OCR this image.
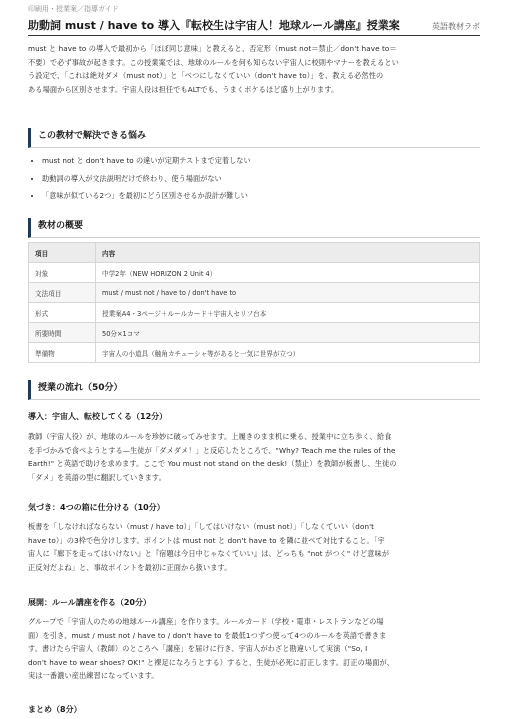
印刷用・授業案／指導ガイド
助動詞 must / have to 導入『転校生は宇宙人！地球ルール講座』授業案	英語教材ラボ
must と have to の導入で最初から「ほぼ同じ意味」と教えると、否定形（must not＝禁止／don't have to＝
不要）で必ず事故が起きます。この授業案では、地球のルールを何も知らない宇宙人に校則やマナーを教えるとい
う設定で、「これは絶対ダメ（must not）」と「べつにしなくていい（don't have to）」を、教える必然性の
ある場面から区別させます。宇宙人役は担任でもALTでも、うまくボケるほど盛り上がります。
この教材で解決できる悩み
• must not と don't have to の違いが定期テストまで定着しない
• 助動詞の導入が文法説明だけで終わり、使う場面がない
• 「意味が似ている2つ」を最初にどう区別させるか設計が難しい
教材の概要
項目	内容
対象	中学2年（NEW HORIZON 2 Unit 4）
文法項目	must / must not / have to / don't have to
形式	授業案A4・3ページ＋ルールカード＋宇宙人セリフ台本
所要時間	50分×1コマ
準備物	宇宙人の小道具（触角カチューシャ等があると一気に世界が立つ）
授業の流れ（50分）
導入：宇宙人、転校してくる（12分）
教師（宇宙人役）が、地球のルールを珍妙に破ってみせます。上履きのまま机に乗る、授業中に立ち歩く、給食
を手づかみで食べようとする—生徒が「ダメダメ！」と反応したところで、"Why? Teach me the rules of the
Earth!" と英語で助けを求めます。ここで You must not stand on the desk!（禁止）を教師が板書し、生徒の
「ダメ」を英語の型に翻訳していきます。
気づき：4つの箱に仕分ける（10分）
板書を「しなければならない（must / have to）」「してはいけない（must not）」「しなくていい（don't
have to）」の3枠で色分けします。ポイントは must not と don't have to を隣に並べて対比すること。「宇
宙人に『廊下を走ってはいけない』と『宿題は今日中じゃなくていい』は、どっちも "not がつく" けど意味が
正反対だよね」と、事故ポイントを最初に正面から扱います。
展開：ルール講座を作る（20分）
グループで「宇宙人のための地球ルール講座」を作ります。ルールカード（学校・電車・レストランなどの場
面）を引き、must / must not / have to / don't have to を最低1つずつ使って4つのルールを英語で書きま
す。書けたら宇宙人（教師）のところへ「講座」を届けに行き、宇宙人がわざと勘違いして実演（"So, I
don't have to wear shoes? OK!" と裸足になろうとする）すると、生徒が必死に訂正します。訂正の場面が、
実は一番濃い産出練習になっています。
まとめ（8分）
